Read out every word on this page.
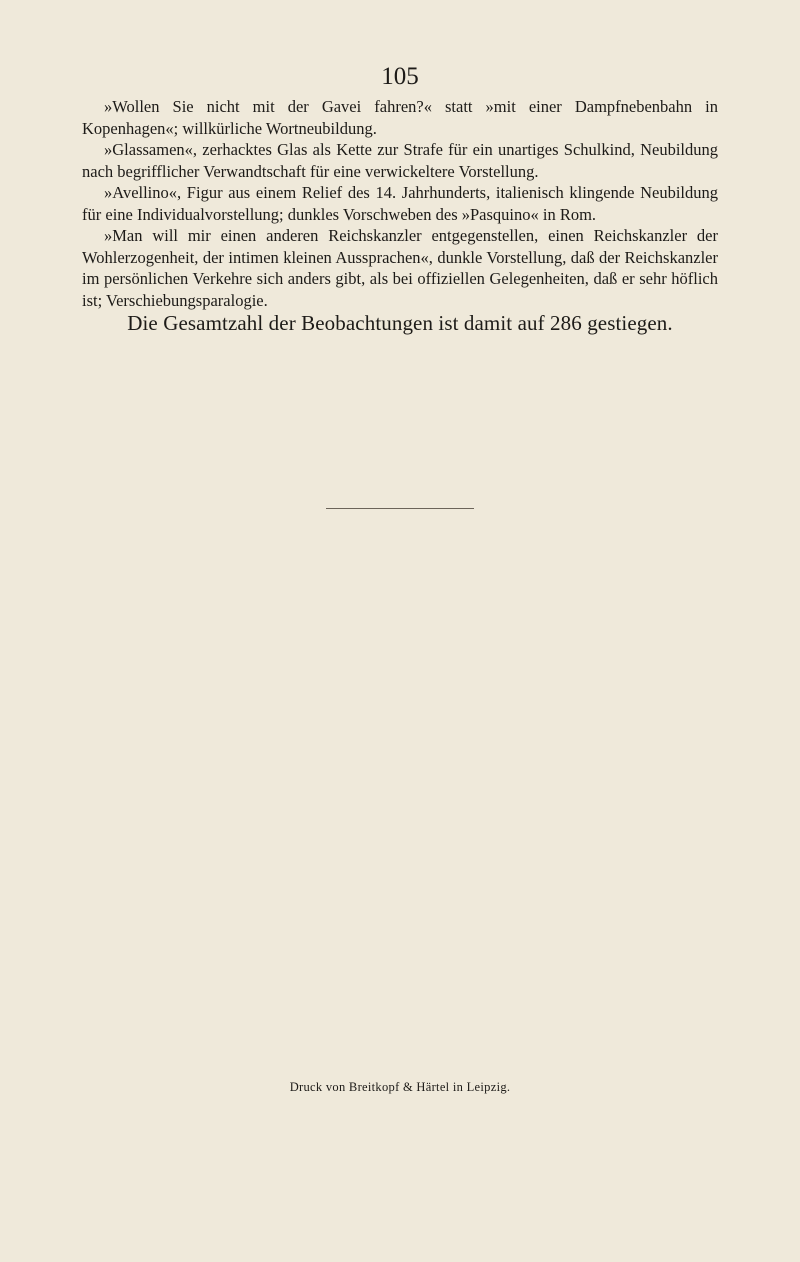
105

»Wollen Sie nicht mit der Gavei fahren?« statt »mit einer Dampfnebenbahn in Kopenhagen«; willkürliche Wortneubildung.

»Glassamen«, zerhacktes Glas als Kette zur Strafe für ein unartiges Schulkind, Neubildung nach begrifflicher Verwandtschaft für eine verwickeltere Vorstellung.

»Avellino«, Figur aus einem Relief des 14. Jahrhunderts, italienisch klingende Neubildung für eine Individualvorstellung; dunkles Vorschweben des »Pasquino« in Rom.

»Man will mir einen anderen Reichskanzler entgegenstellen, einen Reichskanzler der Wohlerzogenheit, der intimen kleinen Aussprachen«, dunkle Vorstellung, daß der Reichskanzler im persönlichen Verkehre sich anders gibt, als bei offiziellen Gelegenheiten, daß er sehr höflich ist; Verschiebungsparalogie.

Die Gesamtzahl der Beobachtungen ist damit auf 286 gestiegen.
Druck von Breitkopf & Härtel in Leipzig.
